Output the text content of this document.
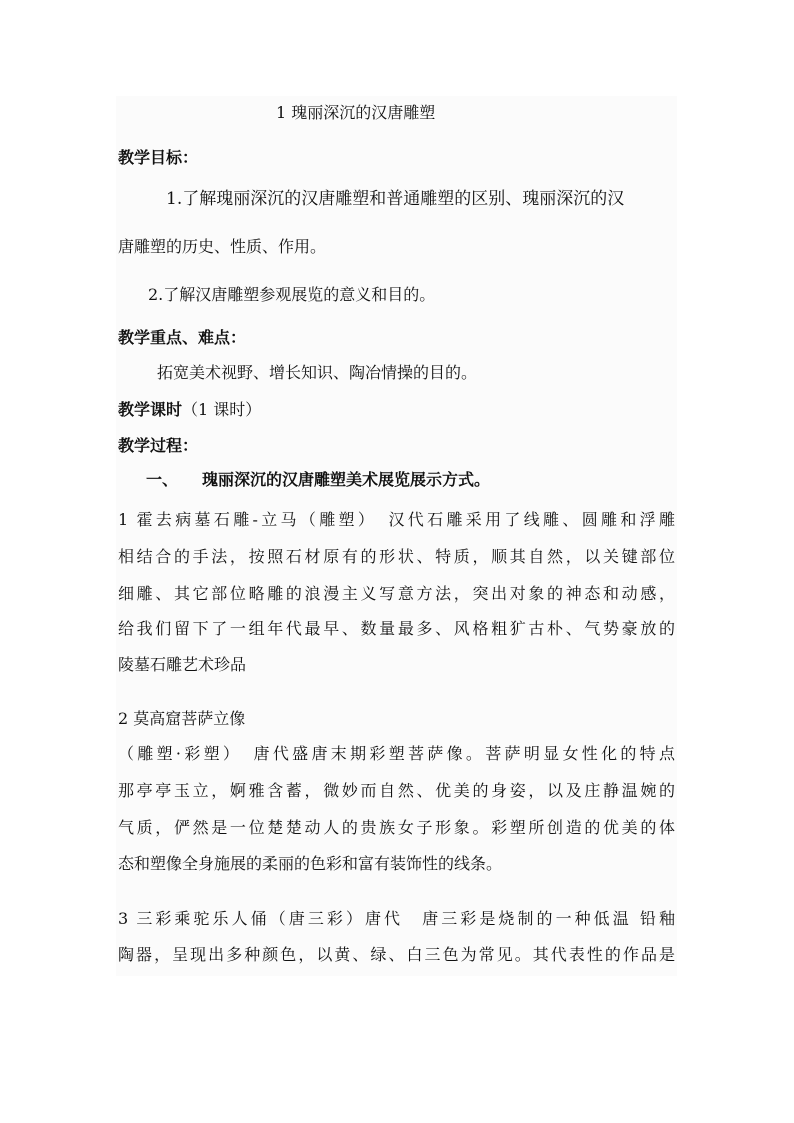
1 瑰丽深沉的汉唐雕塑
教学目标：
1.了解瑰丽深沉的汉唐雕塑和普通雕塑的区别、瑰丽深沉的汉
唐雕塑的历史、性质、作用。
2.了解汉唐雕塑参观展览的意义和目的。
教学重点、难点：
拓宽美术视野、增长知识、陶冶情操的目的。
教学课时（1 课时）
教学过程：
一、 瑰丽深沉的汉唐雕塑美术展览展示方式。
1 霍去病墓石雕-立马（雕塑）　汉代石雕采用了线雕、圆雕和浮雕
相结合的手法，按照石材原有的形状、特质，顺其自然，以关键部位
细雕、其它部位略雕的浪漫主义写意方法，突出对象的神态和动感，
给我们留下了一组年代最早、数量最多、风格粗犷古朴、气势豪放的
陵墓石雕艺术珍品
2 莫高窟菩萨立像
（雕塑·彩塑）　唐代盛唐末期彩塑菩萨像。菩萨明显女性化的特点
那亭亭玉立，婀雅含蓄，微妙而自然、优美的身姿，以及庄静温婉的
气质，俨然是一位楚楚动人的贵族女子形象。彩塑所创造的优美的体
态和塑像全身施展的柔丽的色彩和富有装饰性的线条。
3 三彩乘驼乐人俑（唐三彩）唐代　唐三彩是烧制的一种低温 铅釉
陶器，呈现出多种颜色，以黄、绿、白三色为常见。其代表性的作品是
